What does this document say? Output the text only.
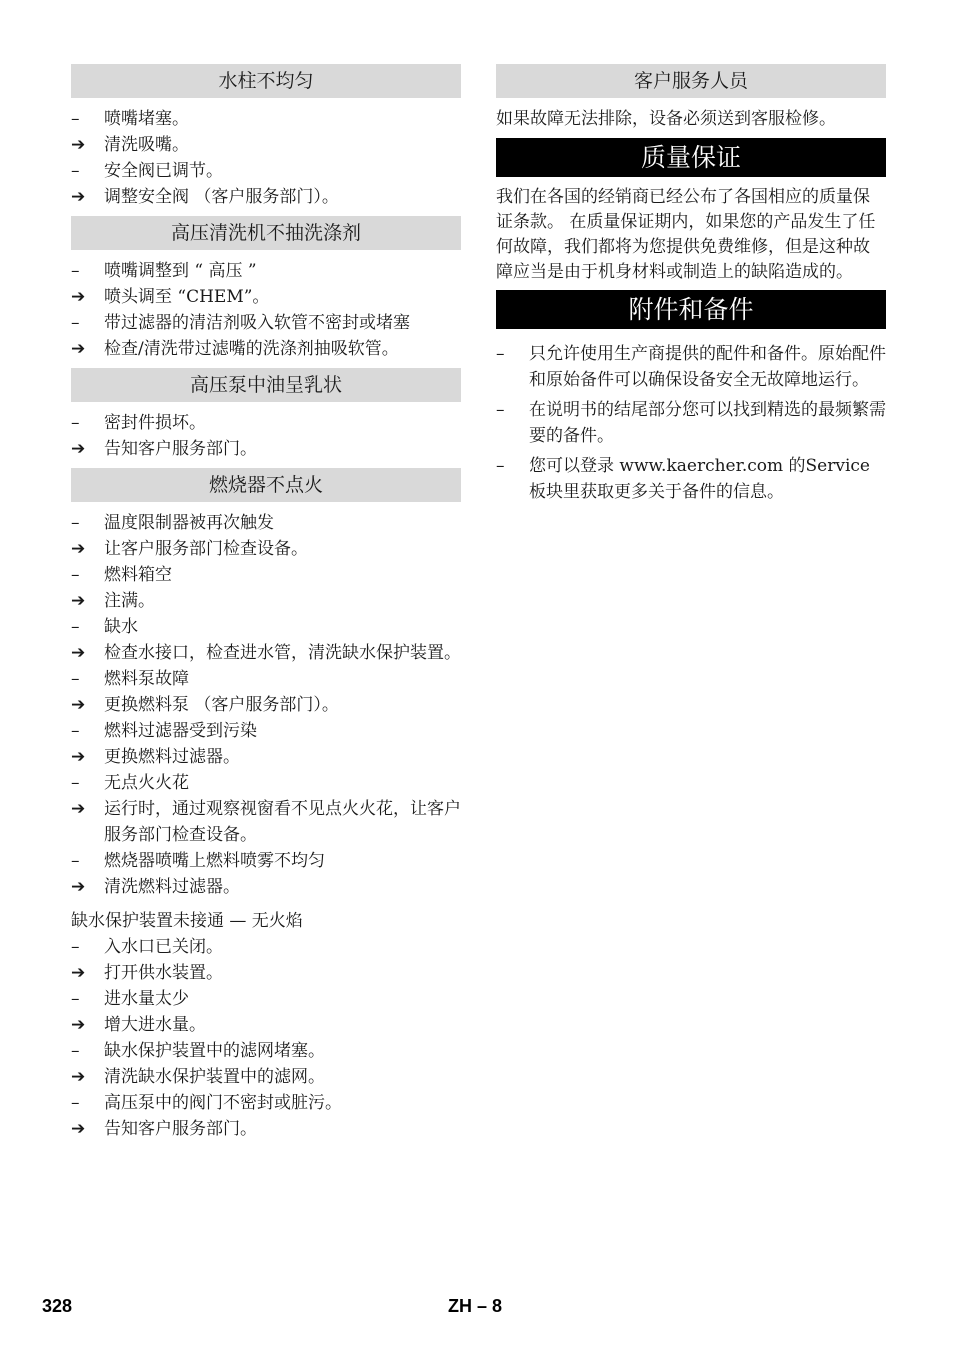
水柱不均匀
–	喷嘴堵塞。
➔	清洗吸嘴。
–	安全阀已调节。
➔	调整安全阀 （客户服务部门）。
高压清洗机不抽洗涤剂
–	喷嘴调整到 “ 高压 ”
➔	喷头调至 “CHEM”。
–	带过滤器的清洁剂吸入软管不密封或堵塞
➔	检查/清洗带过滤嘴的洗涤剂抽吸软管。
高压泵中油呈乳状
–	密封件损坏。
➔	告知客户服务部门。
燃烧器不点火
–	温度限制器被再次触发
➔	让客户服务部门检查设备。
–	燃料箱空
➔	注满。
–	缺水
➔	检查水接口，检查进水管，清洗缺水保护装置。
–	燃料泵故障
➔	更换燃料泵 （客户服务部门）。
–	燃料过滤器受到污染
➔	更换燃料过滤器。
–	无点火火花
➔	运行时，通过观察视窗看不见点火火花，让客户服务部门检查设备。
–	燃烧器喷嘴上燃料喷雾不均匀
➔	清洗燃料过滤器。
缺水保护装置未接通 — 无火焰
–	入水口已关闭。
➔	打开供水装置。
–	进水量太少
➔	增大进水量。
–	缺水保护装置中的滤网堵塞。
➔	清洗缺水保护装置中的滤网。
–	高压泵中的阀门不密封或脏污。
➔	告知客户服务部门。
客户服务人员

如果故障无法排除，设备必须送到客服检修。

质量保证

我们在各国的经销商已经公布了各国相应的质量保证条款。 在质量保证期内，如果您的产品发生了任何故障，我们都将为您提供免费维修，但是这种故障应当是由于机身材料或制造上的缺陷造成的。

附件和备件
–	只允许使用生产商提供的配件和备件。原始配件和原始备件可以确保设备安全无故障地运行。
–	在说明书的结尾部分您可以找到精选的最频繁需要的备件。
–	您可以登录 www.kaercher.com 的Service 板块里获取更多关于备件的信息。
328	ZH – 8
